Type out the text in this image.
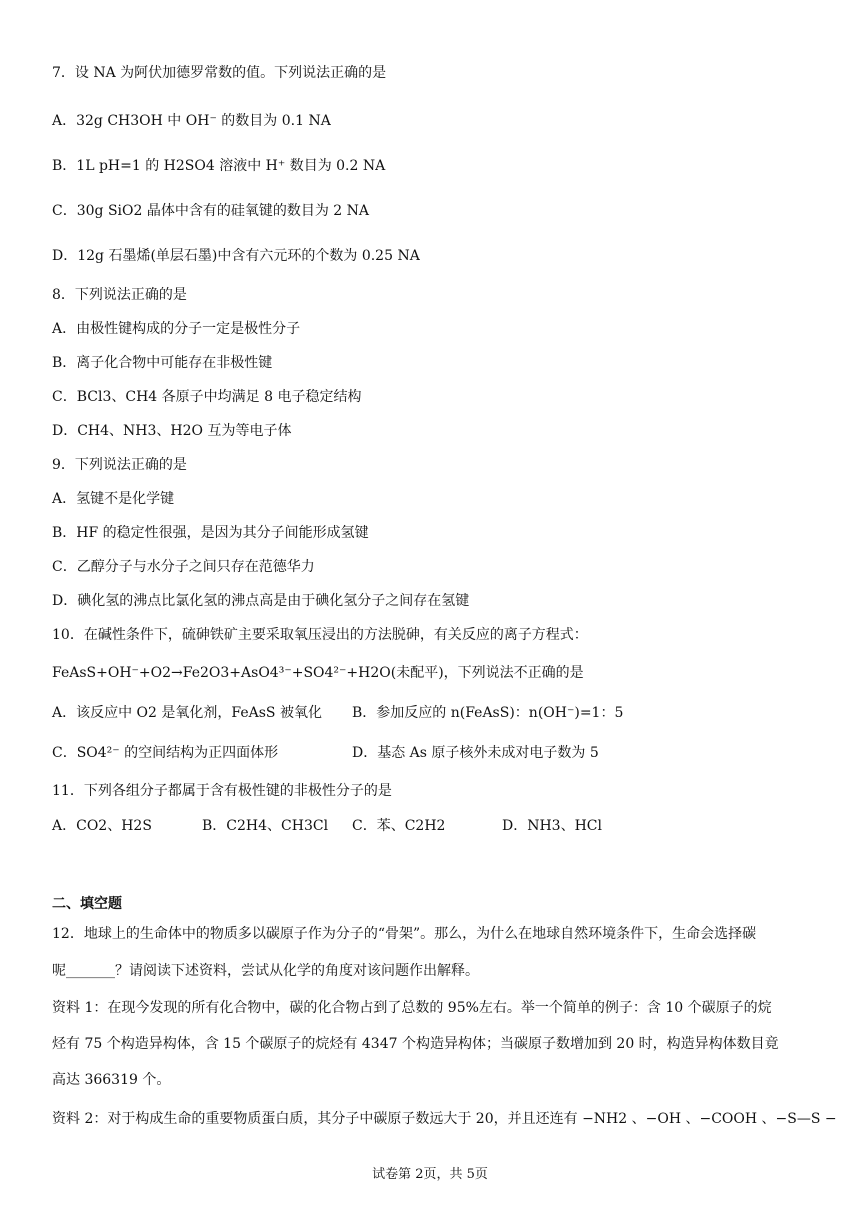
7．设 NA 为阿伏加德罗常数的值。下列说法正确的是
A．32g CH3OH 中 OH⁻ 的数目为 0.1 NA
B．1L pH=1 的 H2SO4 溶液中 H⁺ 数目为 0.2 NA
C．30g SiO2 晶体中含有的硅氧键的数目为 2 NA
D．12g 石墨烯(单层石墨)中含有六元环的个数为 0.25 NA
8．下列说法正确的是
A．由极性键构成的分子一定是极性分子
B．离子化合物中可能存在非极性键
C．BCl3、CH4 各原子中均满足 8 电子稳定结构
D．CH4、NH3、H2O 互为等电子体
9．下列说法正确的是
A．氢键不是化学键
B．HF 的稳定性很强，是因为其分子间能形成氢键
C．乙醇分子与水分子之间只存在范德华力
D．碘化氢的沸点比氯化氢的沸点高是由于碘化氢分子之间存在氢键
10．在碱性条件下，硫砷铁矿主要采取氧压浸出的方法脱砷，有关反应的离子方程式：
FeAsS+OH⁻+O2→Fe2O3+AsO4³⁻+SO4²⁻+H2O(未配平)，下列说法不正确的是
A．该反应中 O2 是氧化剂，FeAsS 被氧化 B．参加反应的 n(FeAsS)：n(OH⁻)=1：5
C．SO4²⁻ 的空间结构为正四面体形	D．基态 As 原子核外未成对电子数为 5
11．下列各组分子都属于含有极性键的非极性分子的是
A．CO2、H2S	B．C2H4、CH3Cl C．苯、C2H2	D．NH3、HCl
二、填空题
12．地球上的生命体中的物质多以碳原子作为分子的“骨架”。那么，为什么在地球自然环境条件下，生命会选择碳
呢_______？请阅读下述资料，尝试从化学的角度对该问题作出解释。
资料 1：在现今发现的所有化合物中，碳的化合物占到了总数的 95%左右。举一个简单的例子：含 10 个碳原子的烷
烃有 75 个构造异构体，含 15 个碳原子的烷烃有 4347 个构造异构体；当碳原子数增加到 20 时，构造异构体数目竟
高达 366319 个。
资料 2：对于构成生命的重要物质蛋白质，其分子中碳原子数远大于 20，并且还连有 −NH2 、−OH 、−COOH 、−S—S −
试卷第 2页，共 5页
